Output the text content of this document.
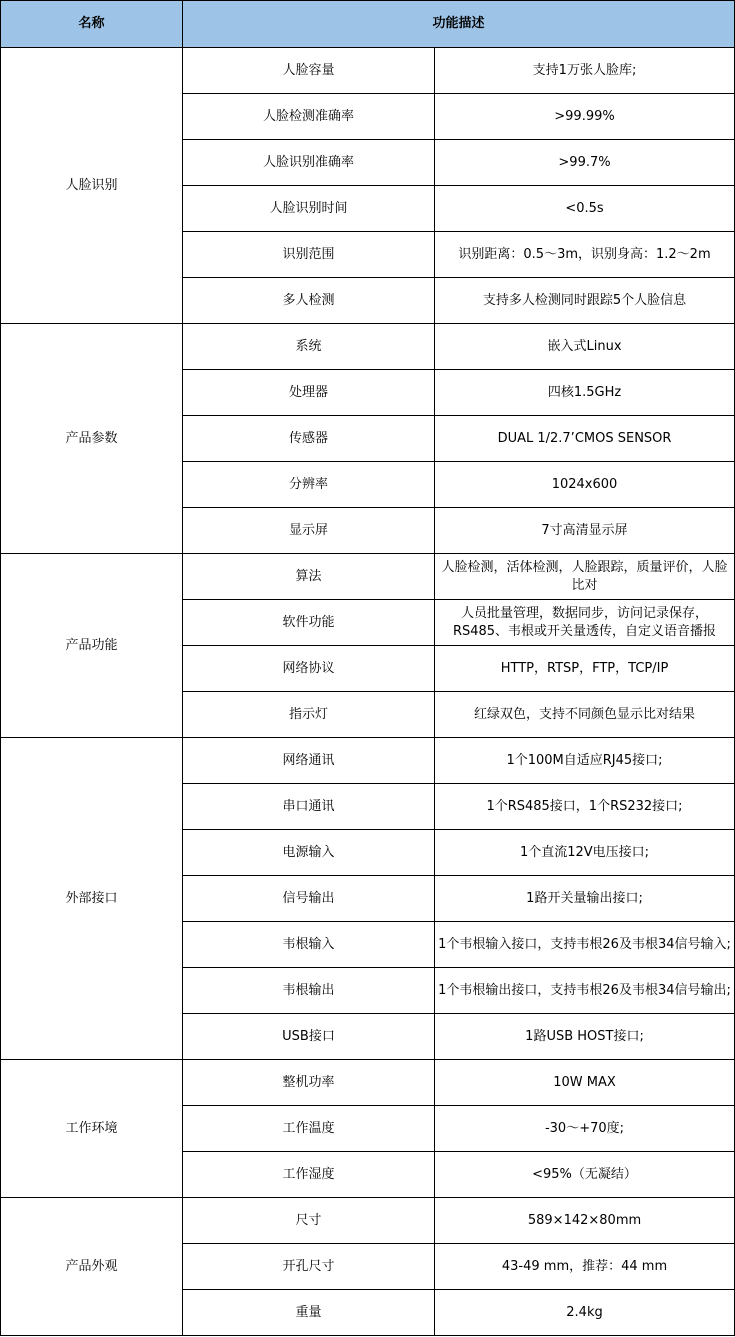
名称	功能描述	
人脸识别	人脸容量	支持1万张人脸库;
	人脸检测准确率	>99.99%
	人脸识别准确率	>99.7%
	人脸识别时间	<0.5s
	识别范围	识别距离：0.5～3m，识别身高：1.2～2m
	多人检测	支持多人检测同时跟踪5个人脸信息
产品参数	系统	嵌入式Linux
	处理器	四核1.5GHz
	传感器	DUAL 1/2.7’CMOS SENSOR
	分辨率	1024x600
	显示屏	7寸高清显示屏
产品功能	算法	人脸检测，活体检测，人脸跟踪，质量评价，人脸比对
	软件功能	人员批量管理，数据同步，访问记录保存，RS485、韦根或开关量透传，自定义语音播报
	网络协议	HTTP，RTSP，FTP，TCP/IP
	指示灯	红绿双色，支持不同颜色显示比对结果
外部接口	网络通讯	1个100M自适应RJ45接口;
	串口通讯	1个RS485接口，1个RS232接口;
	电源输入	1个直流12V电压接口;
	信号输出	1路开关量输出接口;
	韦根输入	1个韦根输入接口，支持韦根26及韦根34信号输入;
	韦根输出	1个韦根输出接口，支持韦根26及韦根34信号输出;
	USB接口	1路USB HOST接口;
工作环境	整机功率	10W MAX
	工作温度	-30～+70度;
	工作湿度	<95%（无凝结）
产品外观	尺寸	589×142×80mm
	开孔尺寸	43-49 mm，推荐：44 mm
	重量	2.4kg
